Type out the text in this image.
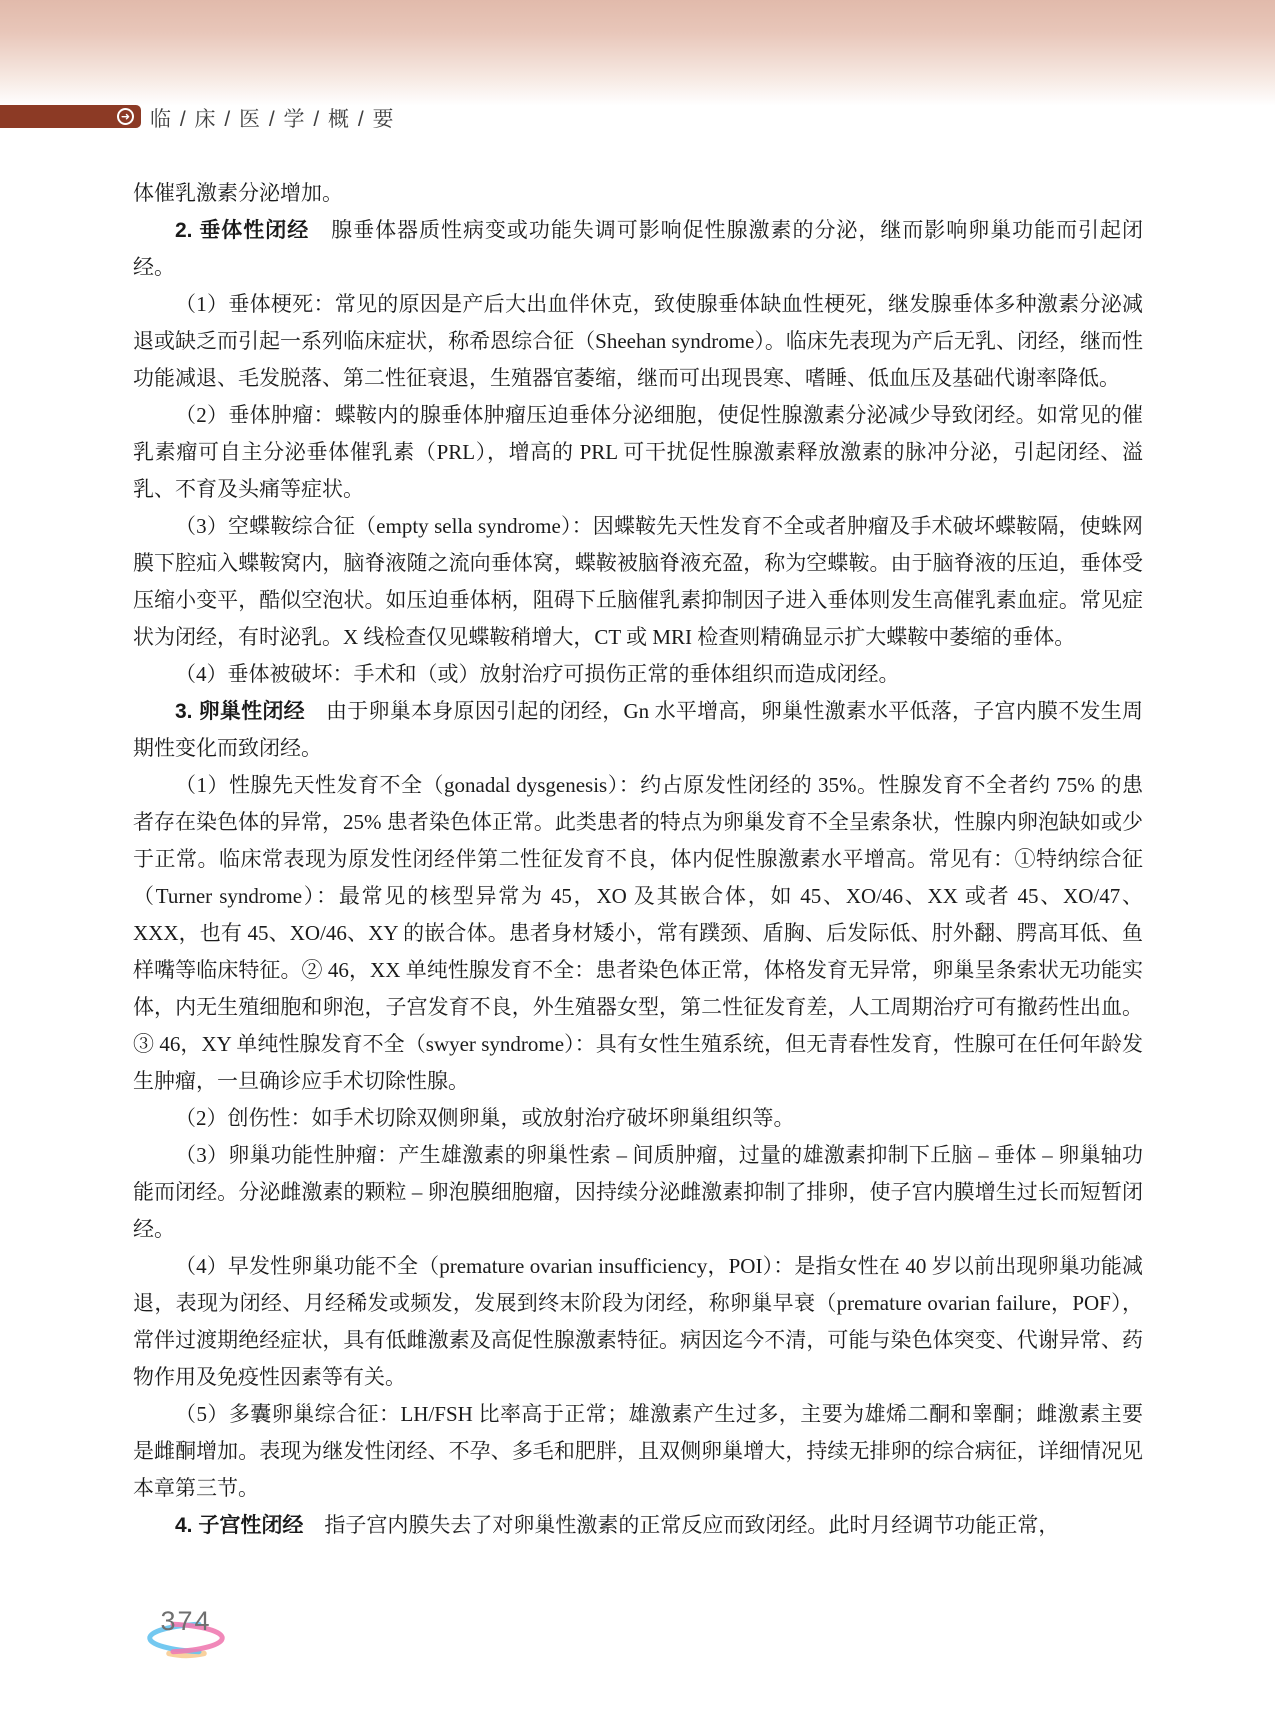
➜ 临 / 床 / 医 / 学 / 概 / 要

体催乳激素分泌增加。

2. 垂体性闭经　腺垂体器质性病变或功能失调可影响促性腺激素的分泌，继而影响卵巢功能而引起闭经。

（1）垂体梗死：常见的原因是产后大出血伴休克，致使腺垂体缺血性梗死，继发腺垂体多种激素分泌减退或缺乏而引起一系列临床症状，称希恩综合征（Sheehan syndrome）。临床先表现为产后无乳、闭经，继而性功能减退、毛发脱落、第二性征衰退，生殖器官萎缩，继而可出现畏寒、嗜睡、低血压及基础代谢率降低。

（2）垂体肿瘤：蝶鞍内的腺垂体肿瘤压迫垂体分泌细胞，使促性腺激素分泌减少导致闭经。如常见的催乳素瘤可自主分泌垂体催乳素（PRL），增高的 PRL 可干扰促性腺激素释放激素的脉冲分泌，引起闭经、溢乳、不育及头痛等症状。

（3）空蝶鞍综合征（empty sella syndrome）：因蝶鞍先天性发育不全或者肿瘤及手术破坏蝶鞍隔，使蛛网膜下腔疝入蝶鞍窝内，脑脊液随之流向垂体窝，蝶鞍被脑脊液充盈，称为空蝶鞍。由于脑脊液的压迫，垂体受压缩小变平，酷似空泡状。如压迫垂体柄，阻碍下丘脑催乳素抑制因子进入垂体则发生高催乳素血症。常见症状为闭经，有时泌乳。X 线检查仅见蝶鞍稍增大，CT 或 MRI 检查则精确显示扩大蝶鞍中萎缩的垂体。

（4）垂体被破坏：手术和（或）放射治疗可损伤正常的垂体组织而造成闭经。

3. 卵巢性闭经　由于卵巢本身原因引起的闭经，Gn 水平增高，卵巢性激素水平低落，子宫内膜不发生周期性变化而致闭经。

（1）性腺先天性发育不全（gonadal dysgenesis）：约占原发性闭经的 35%。性腺发育不全者约 75% 的患者存在染色体的异常，25% 患者染色体正常。此类患者的特点为卵巢发育不全呈索条状，性腺内卵泡缺如或少于正常。临床常表现为原发性闭经伴第二性征发育不良，体内促性腺激素水平增高。常见有：①特纳综合征（Turner syndrome）：最常见的核型异常为 45，XO 及其嵌合体，如 45、XO/46、XX 或者 45、XO/47、XXX，也有 45、XO/46、XY 的嵌合体。患者身材矮小，常有蹼颈、盾胸、后发际低、肘外翻、腭高耳低、鱼样嘴等临床特征。② 46，XX 单纯性腺发育不全：患者染色体正常，体格发育无异常，卵巢呈条索状无功能实体，内无生殖细胞和卵泡，子宫发育不良，外生殖器女型，第二性征发育差，人工周期治疗可有撤药性出血。③ 46，XY 单纯性腺发育不全（swyer syndrome）：具有女性生殖系统，但无青春性发育，性腺可在任何年龄发生肿瘤，一旦确诊应手术切除性腺。

（2）创伤性：如手术切除双侧卵巢，或放射治疗破坏卵巢组织等。

（3）卵巢功能性肿瘤：产生雄激素的卵巢性索 – 间质肿瘤，过量的雄激素抑制下丘脑 – 垂体 – 卵巢轴功能而闭经。分泌雌激素的颗粒 – 卵泡膜细胞瘤，因持续分泌雌激素抑制了排卵，使子宫内膜增生过长而短暂闭经。

（4）早发性卵巢功能不全（premature ovarian insufficiency，POI）：是指女性在 40 岁以前出现卵巢功能减退，表现为闭经、月经稀发或频发，发展到终末阶段为闭经，称卵巢早衰（premature ovarian failure，POF），常伴过渡期绝经症状，具有低雌激素及高促性腺激素特征。病因迄今不清，可能与染色体突变、代谢异常、药物作用及免疫性因素等有关。

（5）多囊卵巢综合征：LH/FSH 比率高于正常；雄激素产生过多，主要为雄烯二酮和睾酮；雌激素主要是雌酮增加。表现为继发性闭经、不孕、多毛和肥胖，且双侧卵巢增大，持续无排卵的综合病征，详细情况见本章第三节。

4. 子宫性闭经　指子宫内膜失去了对卵巢性激素的正常反应而致闭经。此时月经调节功能正常，

374
